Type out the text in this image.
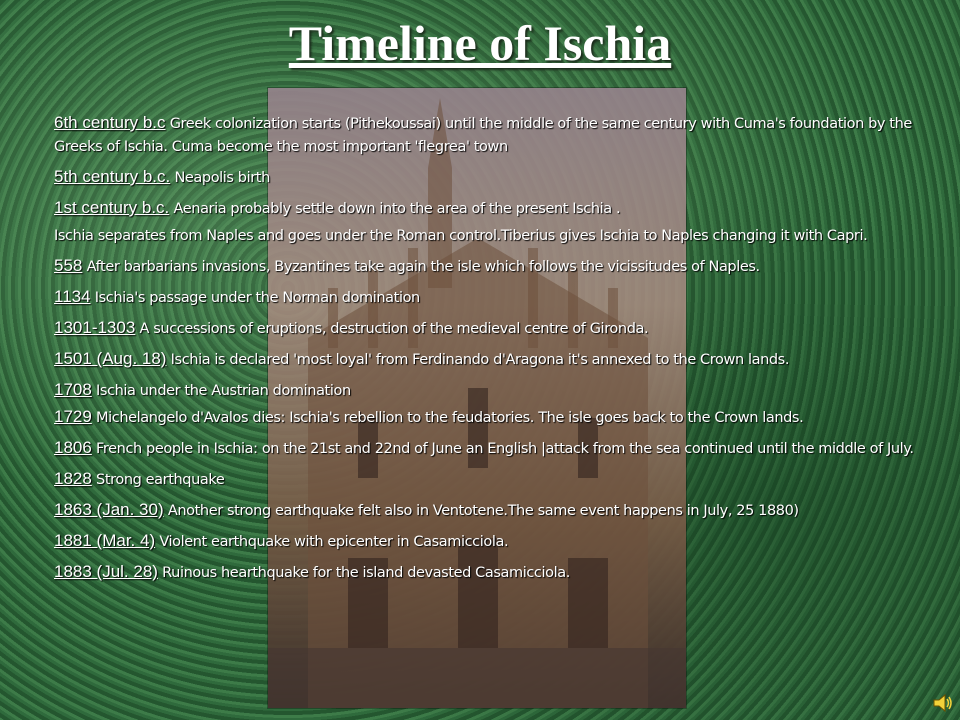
Timeline of Ischia
6th century b.c Greek colonization starts (Pithekoussai) until the middle of the same century with Cuma's foundation by the Greeks of Ischia. Cuma become the most important 'flegrea' town
5th century b.c. Neapolis birth
1st century b.c. Aenaria probably settle down into the area of the present Ischia .
Ischia separates from Naples and goes under the Roman control.Tiberius gives Ischia to Naples changing it with Capri.
558 After barbarians invasions, Byzantines take again the isle which follows the vicissitudes of Naples.
1134 Ischia's passage under the Norman domination
1301-1303 A successions of eruptions, destruction of the medieval centre of Gironda.
1501 (Aug. 18) Ischia is declared 'most loyal' from Ferdinando d'Aragona it's annexed to the Crown lands.
1708 Ischia under the Austrian domination
1729 Michelangelo d'Avalos dies: Ischia's rebellion to the feudatories. The isle goes back to the Crown lands.
1806 French people in Ischia: on the 21st and 22nd of June an English |attack from the sea continued until the middle of July.
1828 Strong earthquake
1863 (Jan. 30) Another strong earthquake felt also in Ventotene.The same event happens in July, 25 1880)
1881 (Mar. 4) Violent earthquake with epicenter in Casamicciola.
1883 (Jul. 28) Ruinous hearthquake for the island devasted Casamicciola.
